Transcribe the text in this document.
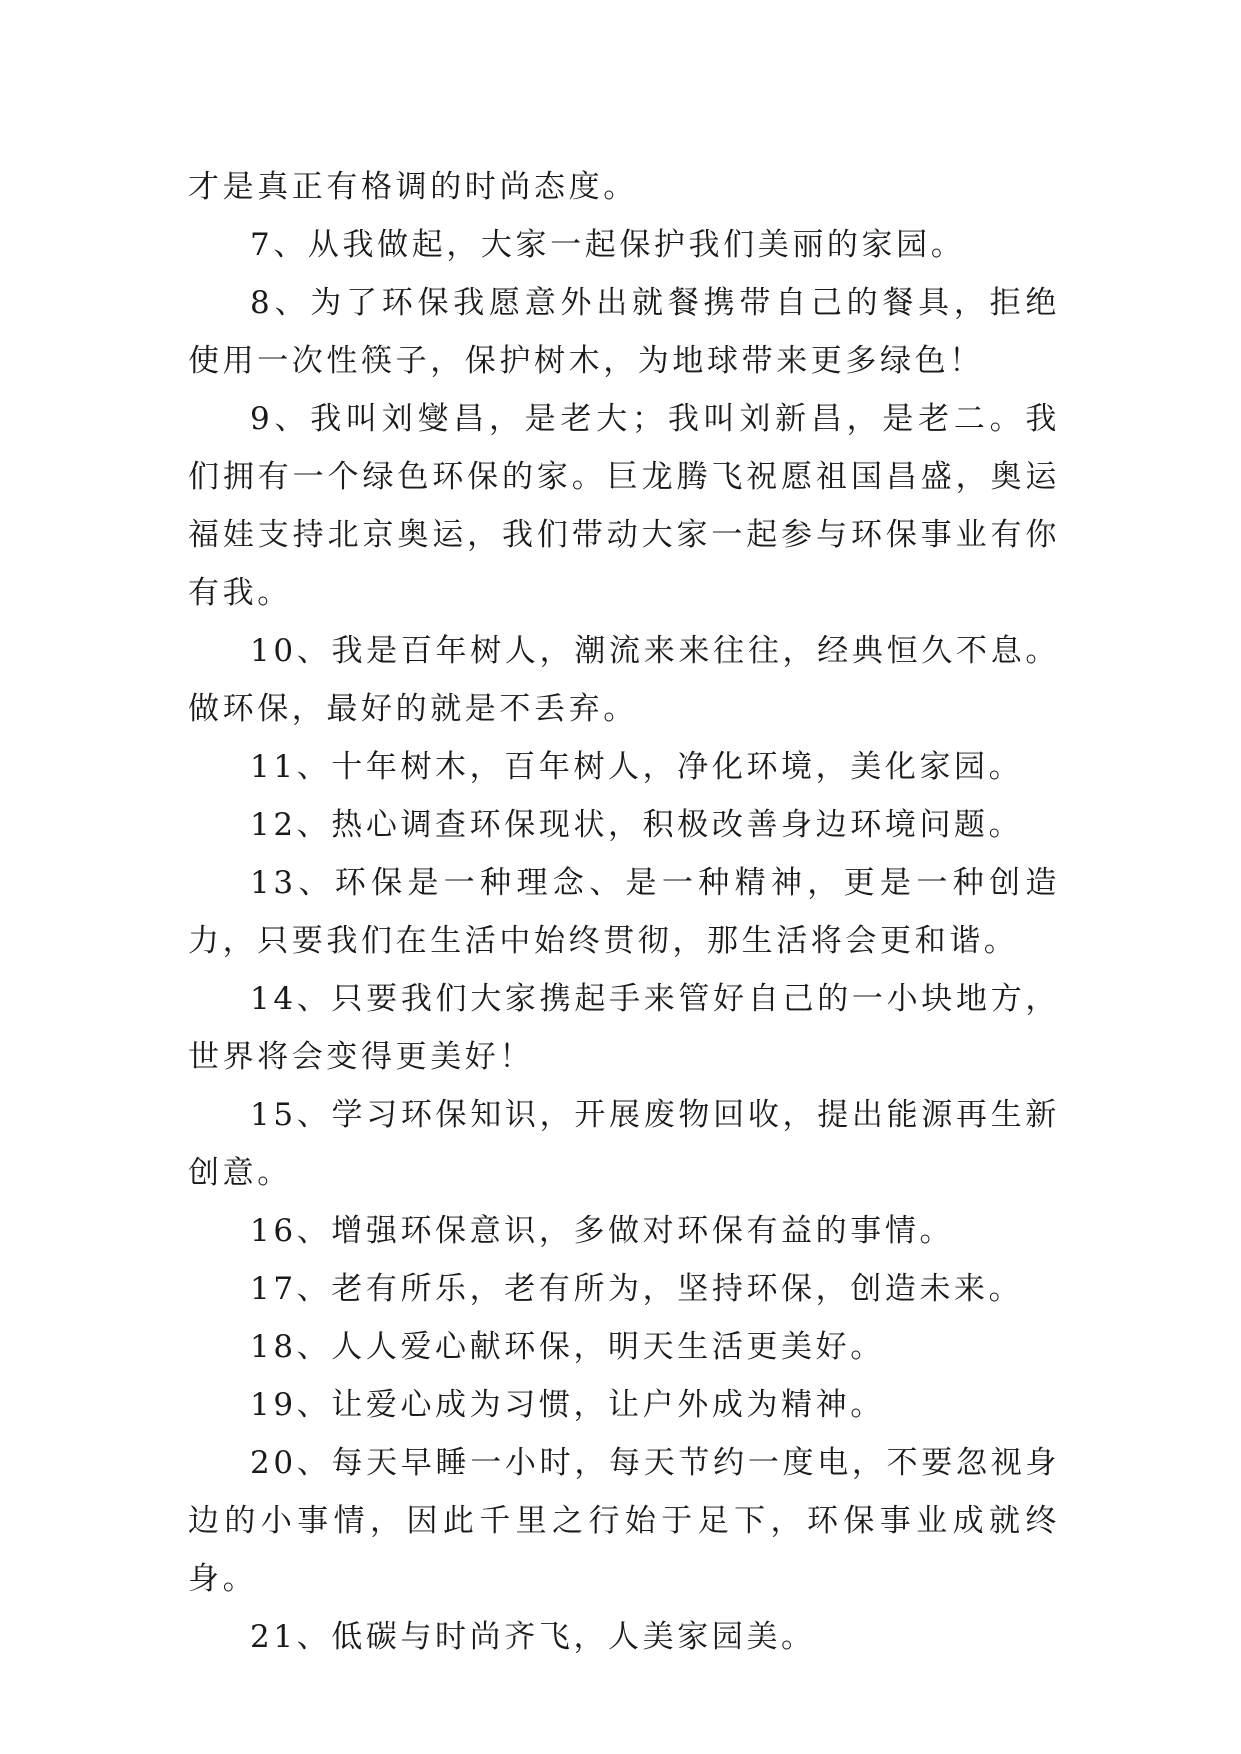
才是真正有格调的时尚态度。

7、从我做起，大家一起保护我们美丽的家园。

8、为了环保我愿意外出就餐携带自己的餐具，拒绝使用一次性筷子，保护树木，为地球带来更多绿色！

9、我叫刘燮昌，是老大；我叫刘新昌，是老二。我们拥有一个绿色环保的家。巨龙腾飞祝愿祖国昌盛，奥运福娃支持北京奥运，我们带动大家一起参与环保事业有你有我。

10、我是百年树人，潮流来来往往，经典恒久不息。做环保，最好的就是不丢弃。

11、十年树木，百年树人，净化环境，美化家园。

12、热心调查环保现状，积极改善身边环境问题。

13、环保是一种理念、是一种精神，更是一种创造力，只要我们在生活中始终贯彻，那生活将会更和谐。

14、只要我们大家携起手来管好自己的一小块地方，世界将会变得更美好！

15、学习环保知识，开展废物回收，提出能源再生新创意。

16、增强环保意识，多做对环保有益的事情。

17、老有所乐，老有所为，坚持环保，创造未来。

18、人人爱心献环保，明天生活更美好。

19、让爱心成为习惯，让户外成为精神。

20、每天早睡一小时，每天节约一度电，不要忽视身边的小事情，因此千里之行始于足下，环保事业成就终身。

21、低碳与时尚齐飞，人美家园美。
